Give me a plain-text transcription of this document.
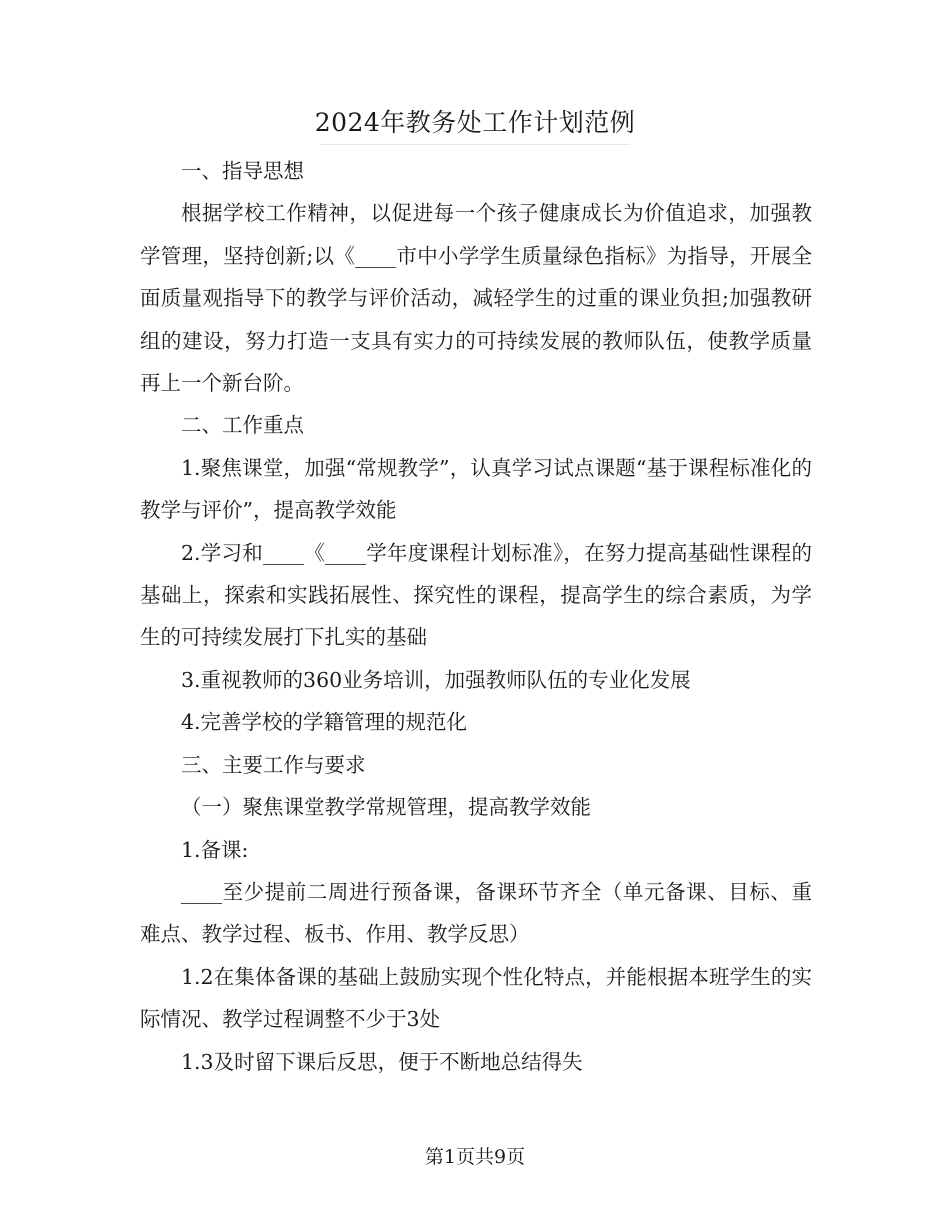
2024年教务处工作计划范例

一、指导思想

根据学校工作精神，以促进每一个孩子健康成长为价值追求，加强教学管理，坚持创新;以《____市中小学学生质量绿色指标》为指导，开展全面质量观指导下的教学与评价活动，减轻学生的过重的课业负担;加强教研组的建设，努力打造一支具有实力的可持续发展的教师队伍，使教学质量再上一个新台阶。

二、工作重点

1.聚焦课堂，加强“常规教学”，认真学习试点课题“基于课程标准化的教学与评价”，提高教学效能

2.学习和____《____学年度课程计划标准》，在努力提高基础性课程的基础上，探索和实践拓展性、探究性的课程，提高学生的综合素质，为学生的可持续发展打下扎实的基础

3.重视教师的360业务培训，加强教师队伍的专业化发展

4.完善学校的学籍管理的规范化

三、主要工作与要求

（一）聚焦课堂教学常规管理，提高教学效能

1.备课:

____至少提前二周进行预备课，备课环节齐全（单元备课、目标、重难点、教学过程、板书、作用、教学反思）

1.2在集体备课的基础上鼓励实现个性化特点，并能根据本班学生的实际情况、教学过程调整不少于3处

1.3及时留下课后反思，便于不断地总结得失

第1页共9页
